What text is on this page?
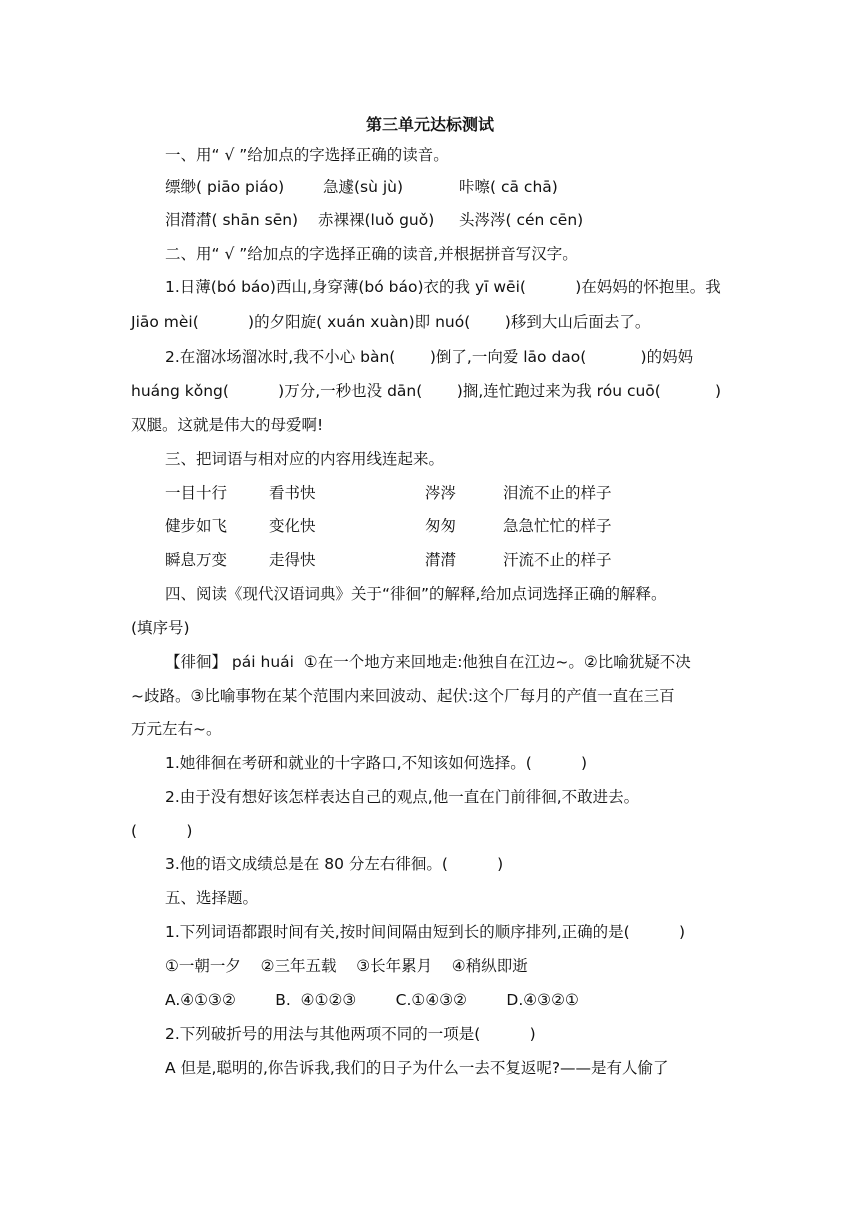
第三单元达标测试
一、用“ √ ”给加点的字选择正确的读音。
缥缈( piāo piáo)	急遽(sù jù)	咔嚓( cā chā)
泪潸潸( shān sēn) 赤裸裸(luǒ guǒ) 头涔涔( cén cēn)
二、用“ √ ”给加点的字选择正确的读音,并根据拼音写汉字。
1.日薄(bó báo)西山,身穿薄(bó báo)衣的我 yī wēi(          )在妈妈的怀抱里。我
Jiāo mèi(          )的夕阳旋( xuán xuàn)即 nuó(       )移到大山后面去了。
2.在溜冰场溜冰时,我不小心 bàn(       )倒了,一向爱 lāo dao(           )的妈妈
huáng kǒng(          )万分,一秒也没 dān(       )搁,连忙跑过来为我 róu cuō(           )
双腿。这就是伟大的母爱啊!
三、把词语与相对应的内容用线连起来。
一目十行	看书快	涔涔	泪流不止的样子
健步如飞	变化快	匆匆	急急忙忙的样子
瞬息万变	走得快	潸潸	汗流不止的样子
四、阅读《现代汉语词典》关于“徘徊”的解释,给加点词选择正确的解释。
(填序号)
【徘徊】 pái huái  ①在一个地方来回地走:他独自在江边~。②比喻犹疑不决
~歧路。③比喻事物在某个范围内来回波动、起伏:这个厂每月的产值一直在三百
万元左右~。
1.她徘徊在考研和就业的十字路口,不知该如何选择。(          )
2.由于没有想好该怎样表达自己的观点,他一直在门前徘徊,不敢进去。
(          )
3.他的语文成绩总是在 80 分左右徘徊。(          )
五、选择题。
1.下列词语都跟时间有关,按时间间隔由短到长的顺序排列,正确的是(          )
①一朝一夕    ②三年五载    ③长年累月    ④稍纵即逝
A.④①③②        B.  ④①②③        C.①④③②        D.④③②①
2.下列破折号的用法与其他两项不同的一项是(          )
A 但是,聪明的,你告诉我,我们的日子为什么一去不复返呢?——是有人偷了
